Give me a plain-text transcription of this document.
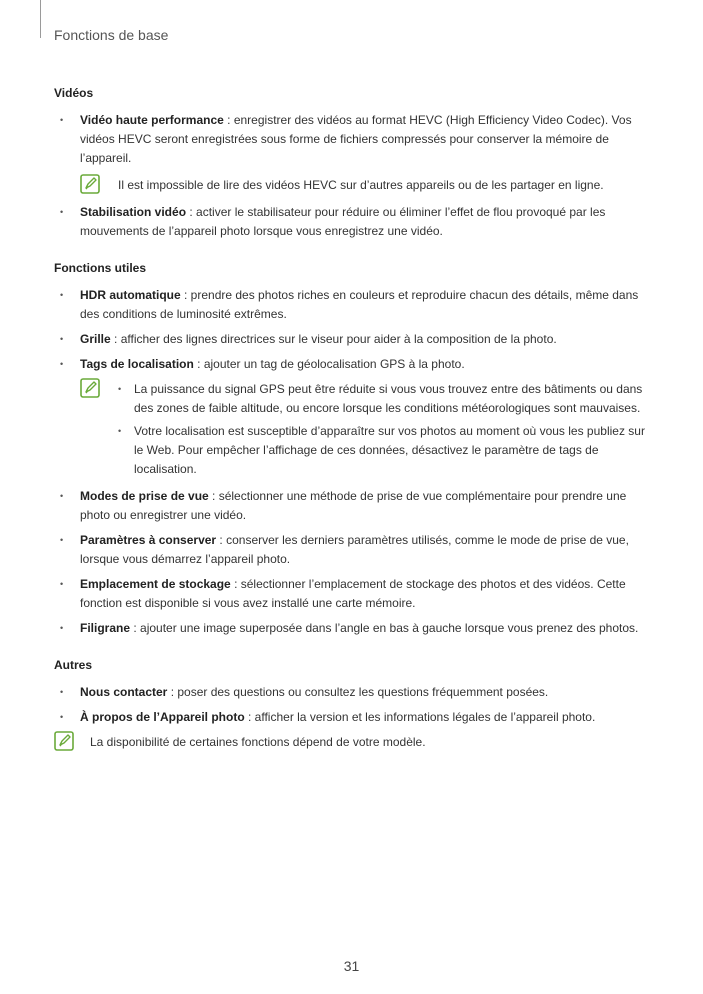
Fonctions de base
Vidéos
• Vidéo haute performance : enregistrer des vidéos au format HEVC (High Efficiency Video Codec). Vos vidéos HEVC seront enregistrées sous forme de fichiers compressés pour conserver la mémoire de l’appareil.
Il est impossible de lire des vidéos HEVC sur d’autres appareils ou de les partager en ligne.
• Stabilisation vidéo : activer le stabilisateur pour réduire ou éliminer l’effet de flou provoqué par les mouvements de l’appareil photo lorsque vous enregistrez une vidéo.
Fonctions utiles
• HDR automatique : prendre des photos riches en couleurs et reproduire chacun des détails, même dans des conditions de luminosité extrêmes.
• Grille : afficher des lignes directrices sur le viseur pour aider à la composition de la photo.
• Tags de localisation : ajouter un tag de géolocalisation GPS à la photo.
• La puissance du signal GPS peut être réduite si vous vous trouvez entre des bâtiments ou dans des zones de faible altitude, ou encore lorsque les conditions météorologiques sont mauvaises.
• Votre localisation est susceptible d’apparaître sur vos photos au moment où vous les publiez sur le Web. Pour empêcher l’affichage de ces données, désactivez le paramètre de tags de localisation.
• Modes de prise de vue : sélectionner une méthode de prise de vue complémentaire pour prendre une photo ou enregistrer une vidéo.
• Paramètres à conserver : conserver les derniers paramètres utilisés, comme le mode de prise de vue, lorsque vous démarrez l’appareil photo.
• Emplacement de stockage : sélectionner l’emplacement de stockage des photos et des vidéos. Cette fonction est disponible si vous avez installé une carte mémoire.
• Filigrane : ajouter une image superposée dans l’angle en bas à gauche lorsque vous prenez des photos.
Autres
• Nous contacter : poser des questions ou consultez les questions fréquemment posées.
• À propos de l’Appareil photo : afficher la version et les informations légales de l’appareil photo.
La disponibilité de certaines fonctions dépend de votre modèle.
31
